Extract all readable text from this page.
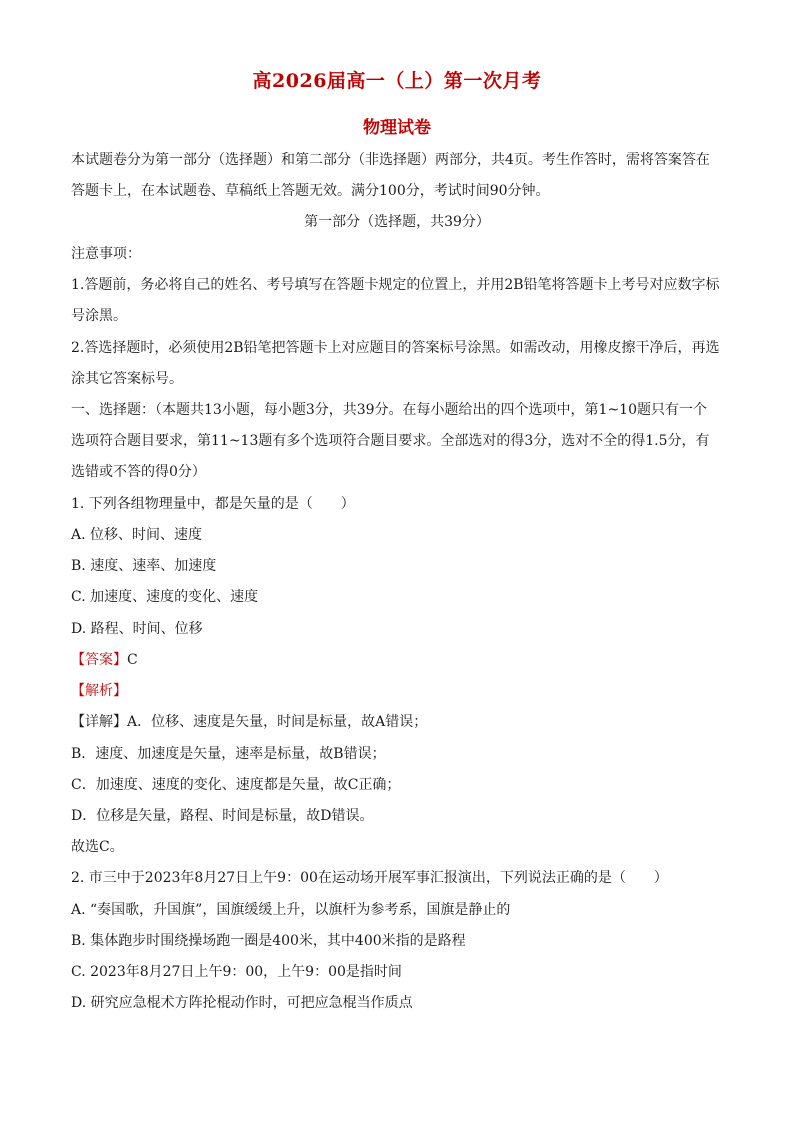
高2026届高一（上）第一次月考
物理试卷
本试题卷分为第一部分（选择题）和第二部分（非选择题）两部分，共4页。考生作答时，需将答案答在
答题卡上，在本试题卷、草稿纸上答题无效。满分100分，考试时间90分钟。
第一部分（选择题，共39分）
注意事项：
1.答题前，务必将自己的姓名、考号填写在答题卡规定的位置上，并用2B铅笔将答题卡上考号对应数字标
号涂黑。
2.答选择题时，必须使用2B铅笔把答题卡上对应题目的答案标号涂黑。如需改动，用橡皮擦干净后，再选
涂其它答案标号。
一、选择题：（本题共13小题，每小题3分，共39分。在每小题给出的四个选项中，第1~10题只有一个
选项符合题目要求，第11~13题有多个选项符合题目要求。全部选对的得3分，选对不全的得1.5分，有
选错或不答的得0分）
1. 下列各组物理量中，都是矢量的是（　　）
A. 位移、时间、速度
B. 速度、速率、加速度
C. 加速度、速度的变化、速度
D. 路程、时间、位移
【答案】C
【解析】
【详解】A．位移、速度是矢量，时间是标量，故A错误；
B．速度、加速度是矢量，速率是标量，故B错误；
C．加速度、速度的变化、速度都是矢量，故C正确；
D．位移是矢量，路程、时间是标量，故D错误。
故选C。
2. 市三中于2023年8月27日上午9：00在运动场开展军事汇报演出，下列说法正确的是（　　）
A. “奏国歌，升国旗”，国旗缓缓上升，以旗杆为参考系，国旗是静止的
B. 集体跑步时围绕操场跑一圈是400米，其中400米指的是路程
C. 2023年8月27日上午9：00，上午9：00是指时间
D. 研究应急棍术方阵抡棍动作时，可把应急棍当作质点
